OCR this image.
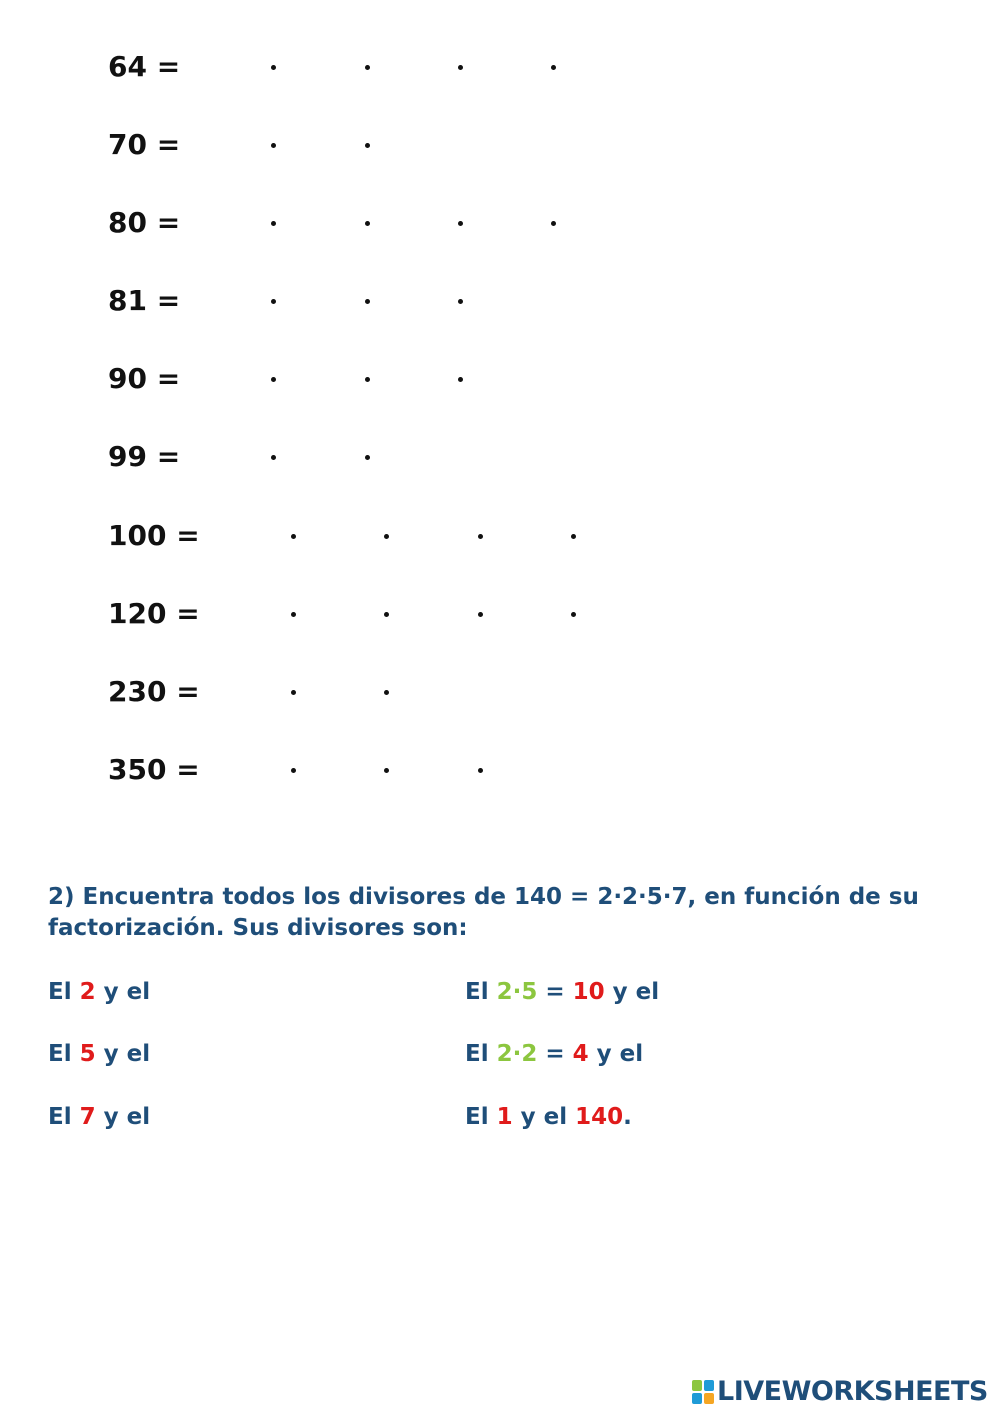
64 =
70 =
80 =
81 =
90 =
99 =
100 =
120 =
230 =
350 =
2) Encuentra todos los divisores de 140 = 2·2·5·7, en función de su
factorización. Sus divisores son:
El 2 y el
El 5 y el
El 7 y el
El 2·5 = 10 y el
El 2·2 = 4 y el
El 1 y el 140.
LIVEWORKSHEETS
